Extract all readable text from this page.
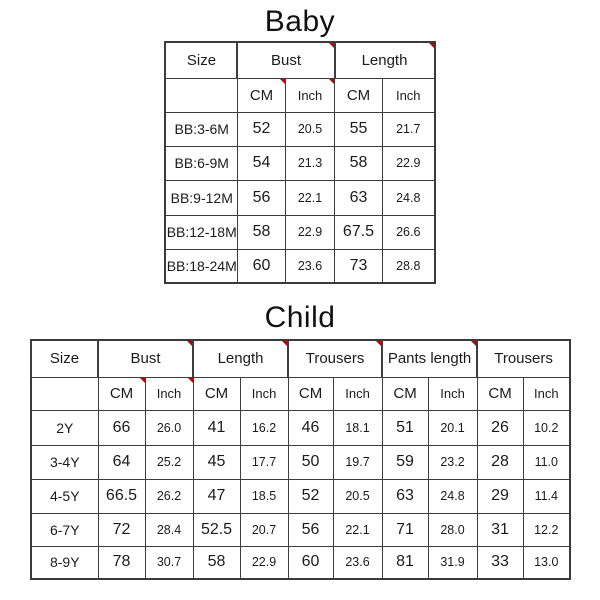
Baby
Size	Bust		Length	

	CM	Inch	CM	Inch
BB:3-6M	52	20.5	55	21.7
BB:6-9M	54	21.3	58	22.9
BB:9-12M	56	22.1	63	24.8
BB:12-18M	58	22.9	67.5	26.6
BB:18-24M	60	23.6	73	28.8
Child
Size	Bust		Length		Trousers		Pants length		Trousers	
	CM	Inch	CM	Inch	CM	Inch	CM	Inch	CM	Inch
2Y	66	26.0	41	16.2	46	18.1	51	20.1	26	10.2
3-4Y	64	25.2	45	17.7	50	19.7	59	23.2	28	11.0
4-5Y	66.5	26.2	47	18.5	52	20.5	63	24.8	29	11.4
6-7Y	72	28.4	52.5	20.7	56	22.1	71	28.0	31	12.2
8-9Y	78	30.7	58	22.9	60	23.6	81	31.9	33	13.0
